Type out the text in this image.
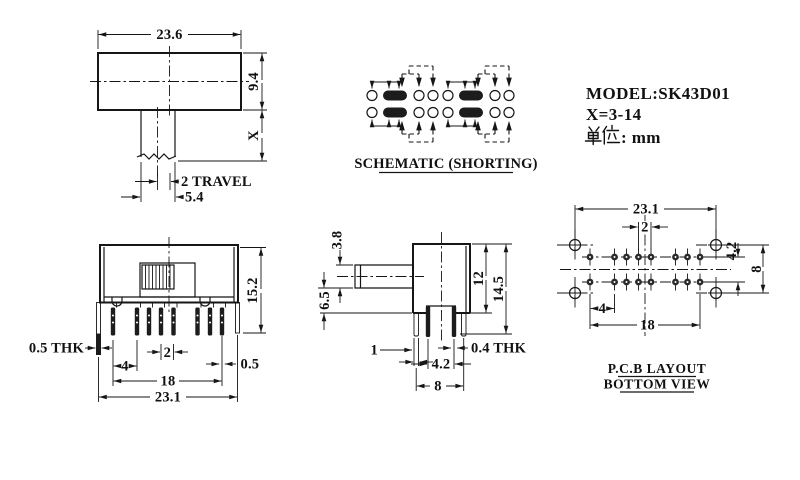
23.6
9.4
X
2 TRAVEL
5.4
SCHEMATIC (SHORTING)
MODEL:SK43D01
X=3-14
: mm
15.2
0.5 THK	2
4
18
23.1
0.5
3.8
6.5
12 14.5
1
4.2
0.4 THK
8
23.1
2
4.2
8
4
18
P.C.B LAYOUT
BOTTOM VIEW
